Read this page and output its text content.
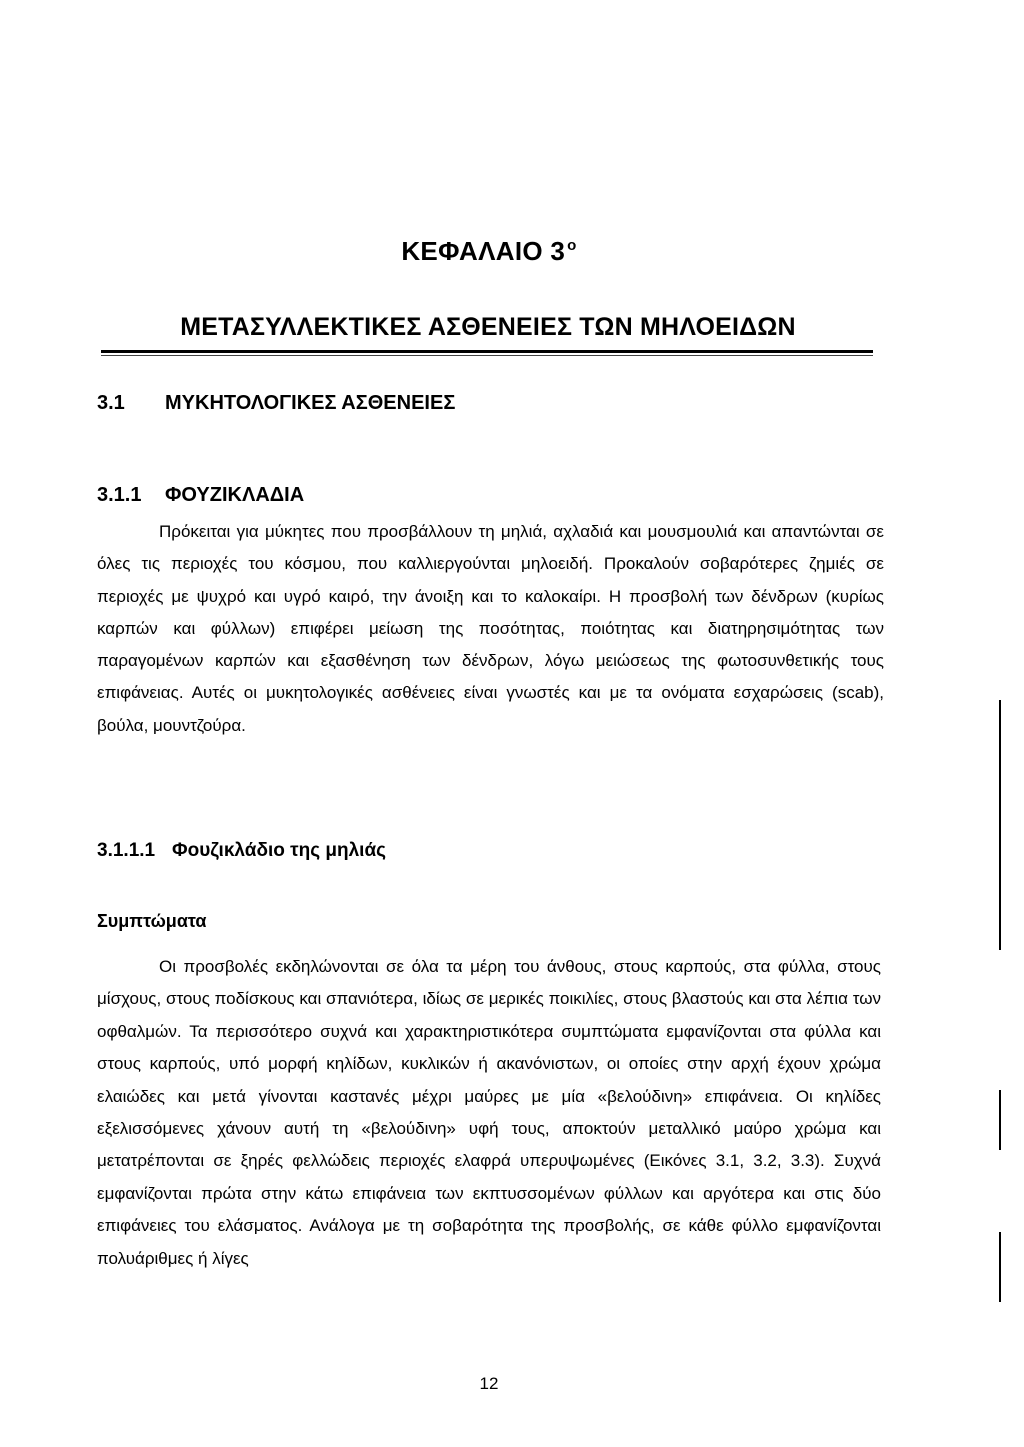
ΚΕΦΑΛΑΙΟ 3 $^o$
ΜΕΤΑΣΥΛΛΕΚΤΙΚΕΣ ΑΣΘΕΝΕΙΕΣ ΤΩΝ ΜΗΛΟΕΙΔΩΝ
3.1 ΜΥΚΗΤΟΛΟΓΙΚΕΣ ΑΣΘΕΝΕΙΕΣ
3.1.1 ΦΟΥΖΙΚΛΑΔΙΑ

Πρόκειται για μύκητες που προσβάλλουν τη μηλιά, αχλαδιά και μουσμουλιά και απαντώνται σε όλες τις περιοχές του κόσμου, που καλλιεργούνται μηλοειδή. Προκαλούν σοβαρότερες ζημιές σε περιοχές με ψυχρό και υγρό καιρό, την άνοιξη και το καλοκαίρι. Η προσβολή των δένδρων (κυρίως καρπών και φύλλων) επιφέρει μείωση της ποσότητας, ποιότητας και διατηρησιμότητας των παραγομένων καρπών και εξασθένηση των δένδρων, λόγω μειώσεως της φωτοσυνθετικής τους επιφάνειας. Αυτές οι μυκητολογικές ασθένειες είναι γνωστές και με τα ονόματα εσχαρώσεις (scab), βούλα, μουντζούρα.

3.1.1.1 Φουζικλάδιο της μηλιάς
Συμπτώματα

Οι προσβολές εκδηλώνονται σε όλα τα μέρη του άνθους, στους καρπούς, στα φύλλα, στους μίσχους, στους ποδίσκους και σπανιότερα, ιδίως σε μερικές ποικιλίες, στους βλαστούς και στα λέπια των οφθαλμών. Τα περισσότερο συχνά και χαρακτηριστικότερα συμπτώματα εμφανίζονται στα φύλλα και στους καρπούς, υπό μορφή κηλίδων, κυκλικών ή ακανόνιστων, οι οποίες στην αρχή έχουν χρώμα ελαιώδες και μετά γίνονται καστανές μέχρι μαύρες με μία «βελούδινη» επιφάνεια. Οι κηλίδες εξελισσόμενες χάνουν αυτή τη «βελούδινη» υφή τους, αποκτούν μεταλλικό μαύρο χρώμα και μετατρέπονται σε ξηρές φελλώδεις περιοχές ελαφρά υπερυψωμένες (Εικόνες 3.1, 3.2, 3.3). Συχνά εμφανίζονται πρώτα στην κάτω επιφάνεια των εκπτυσσομένων φύλλων και αργότερα και στις δύο επιφάνειες του ελάσματος. Ανάλογα με τη σοβαρότητα της προσβολής, σε κάθε φύλλο εμφανίζονται πολυάριθμες ή λίγες

12
